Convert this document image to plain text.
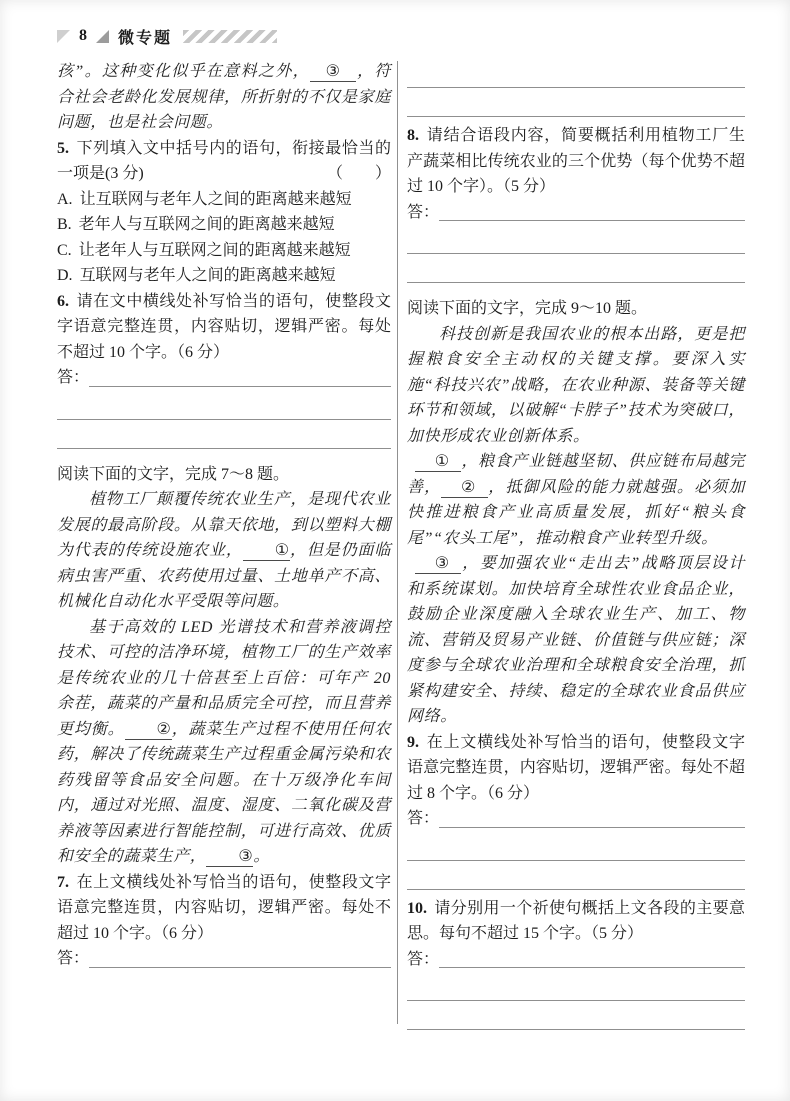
8 微专题

孩”。这种变化似乎在意料之外， ③ ，符合社会老龄化发展规律，所折射的不仅是家庭问题，也是社会问题。

5. 下列填入文中括号内的语句，衔接最恰当的一项是(3 分)	（　　）

A. 让互联网与老年人之间的距离越来越短

B. 老年人与互联网之间的距离越来越短

C. 让老年人与互联网之间的距离越来越短

D. 互联网与老年人之间的距离越来越短

6. 请在文中横线处补写恰当的语句，使整段文字语意完整连贯，内容贴切，逻辑严密。每处不超过 10 个字。（6 分）

答：

阅读下面的文字，完成 7～8 题。

植物工厂颠覆传统农业生产，是现代农业发展的最高阶段。从靠天依地，到以塑料大棚为代表的传统设施农业， ①，但是仍面临病虫害严重、农药使用过量、土地单产不高、机械化自动化水平受限等问题。

基于高效的 LED 光谱技术和营养液调控技术、可控的洁净环境，植物工厂的生产效率是传统农业的几十倍甚至上百倍：可年产 20 余茬，蔬菜的产量和品质完全可控，而且营养更均衡。 ②，蔬菜生产过程不使用任何农药，解决了传统蔬菜生产过程重金属污染和农药残留等食品安全问题。在十万级净化车间内，通过对光照、温度、湿度、二氧化碳及营养液等因素进行智能控制，可进行高效、优质和安全的蔬菜生产， ③。

7. 在上文横线处补写恰当的语句，使整段文字语意完整连贯，内容贴切，逻辑严密。每处不超过 10 个字。（6 分）

答：

8. 请结合语段内容，简要概括利用植物工厂生产蔬菜相比传统农业的三个优势（每个优势不超过 10 个字）。（5 分）

答：

阅读下面的文字，完成 9～10 题。

科技创新是我国农业的根本出路，更是把握粮食安全主动权的关键支撑。要深入实施“科技兴农”战略，在农业种源、装备等关键环节和领域，以破解“卡脖子”技术为突破口，加快形成农业创新体系。

① ，粮食产业链越坚韧、供应链布局越完善， ② ，抵御风险的能力就越强。必须加快推进粮食产业高质量发展，抓好“粮头食尾”“农头工尾”，推动粮食产业转型升级。

③ ，要加强农业“走出去”战略顶层设计和系统谋划。加快培育全球性农业食品企业，鼓励企业深度融入全球农业生产、加工、物流、营销及贸易产业链、价值链与供应链；深度参与全球农业治理和全球粮食安全治理，抓紧构建安全、持续、稳定的全球农业食品供应网络。

9. 在上文横线处补写恰当的语句，使整段文字语意完整连贯，内容贴切，逻辑严密。每处不超过 8 个字。（6 分）

答：

10. 请分别用一个祈使句概括上文各段的主要意思。每句不超过 15 个字。（5 分）

答：
